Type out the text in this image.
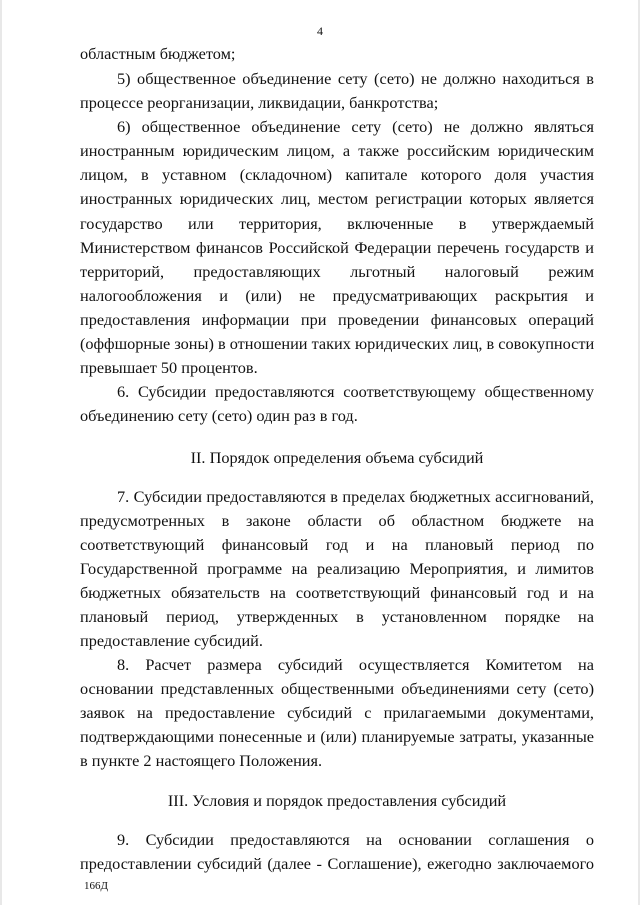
4
областным бюджетом;
5) общественное объединение сету (сето) не должно находиться в
процессе реорганизации, ликвидации, банкротства;
6) общественное объединение сету (сето) не должно являться
иностранным юридическим лицом, а также российским юридическим
лицом, в уставном (складочном) капитале которого доля участия
иностранных юридических лиц, местом регистрации которых является
государство или территория, включенные в утверждаемый
Министерством финансов Российской Федерации перечень государств и
территорий, предоставляющих льготный налоговый режим
налогообложения и (или) не предусматривающих раскрытия и
предоставления информации при проведении финансовых операций
(оффшорные зоны) в отношении таких юридических лиц, в совокупности
превышает 50 процентов.
6. Субсидии предоставляются соответствующему общественному
объединению сету (сето) один раз в год.
II. Порядок определения объема субсидий
7. Субсидии предоставляются в пределах бюджетных ассигнований,
предусмотренных в законе области об областном бюджете на
соответствующий финансовый год и на плановый период по
Государственной программе на реализацию Мероприятия, и лимитов
бюджетных обязательств на соответствующий финансовый год и на
плановый период, утвержденных в установленном порядке на
предоставление субсидий.
8. Расчет размера субсидий осуществляется Комитетом на
основании представленных общественными объединениями сету (сето)
заявок на предоставление субсидий с прилагаемыми документами,
подтверждающими понесенные и (или) планируемые затраты, указанные
в пункте 2 настоящего Положения.
III. Условия и порядок предоставления субсидий
9. Субсидии предоставляются на основании соглашения о
предоставлении субсидий (далее - Соглашение), ежегодно заключаемого
166Д
